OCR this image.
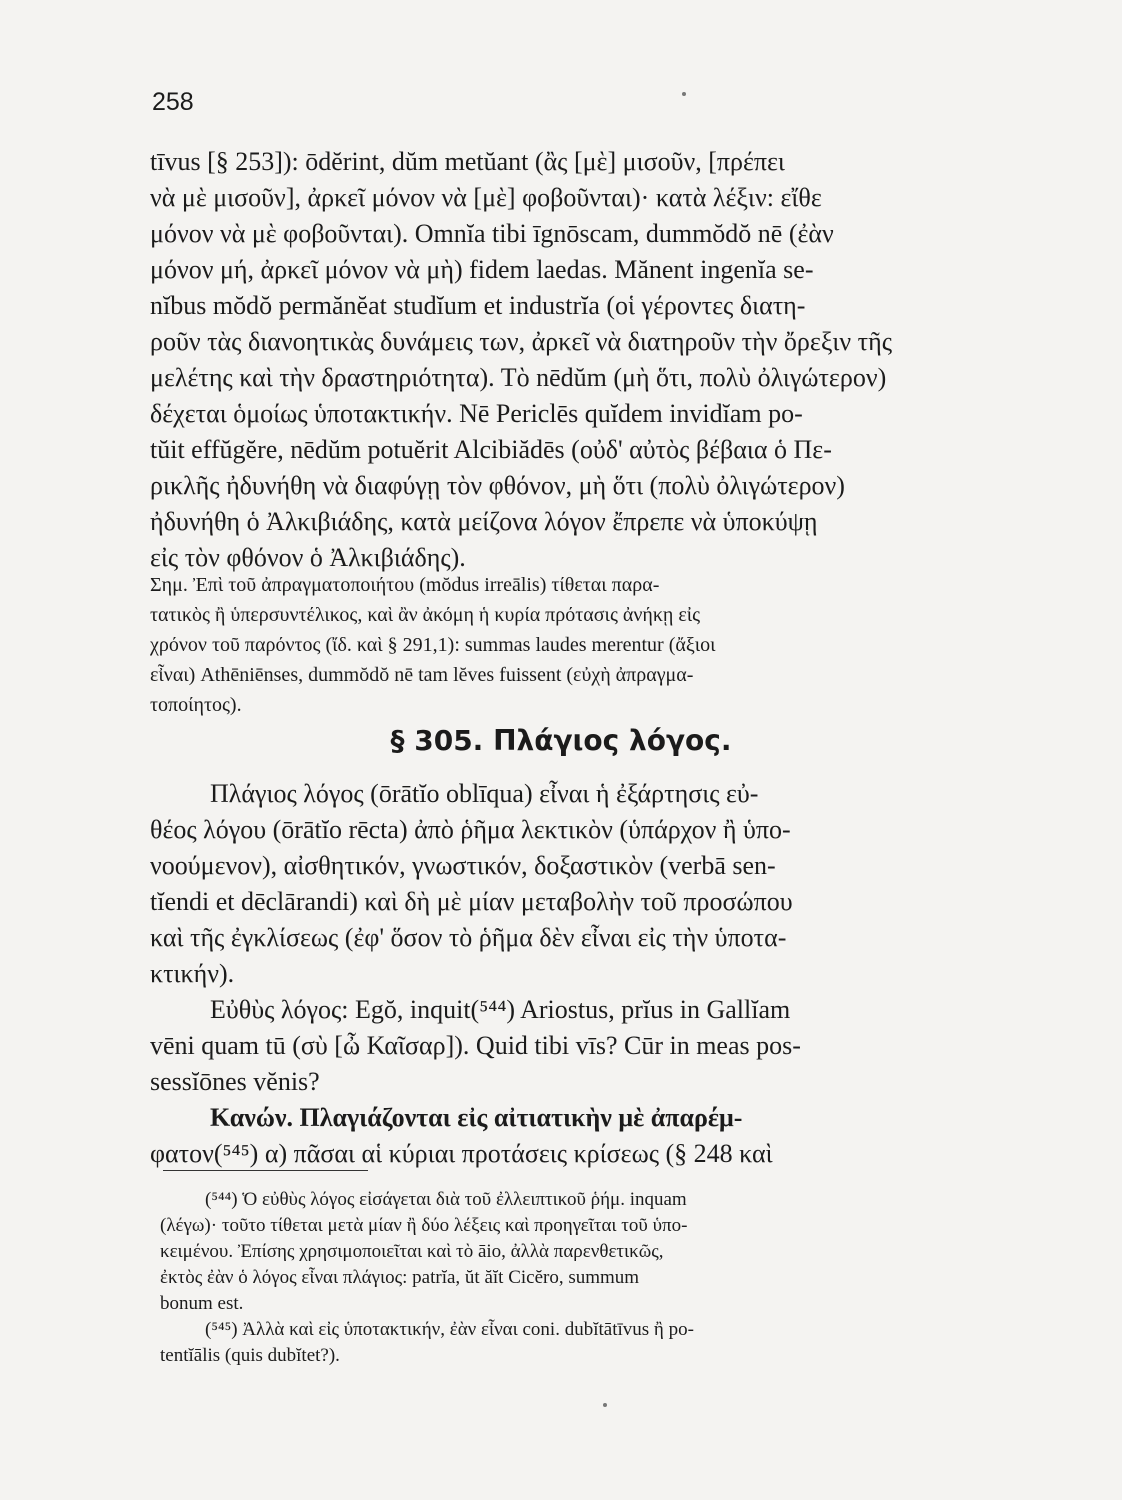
258
tīvus [§ 253]): ōdĕrint, dŭm metŭant (ἂς [μὲ] μισοῦν, [πρέπει
νὰ μὲ μισοῦν], ἀρκεῖ μόνον νὰ [μὲ] φοβοῦνται)· κατὰ λέξιν: εἴθε
μόνον νὰ μὲ φοβοῦνται). Omnĭa tibi īgnōscam, dummŏdŏ nē (ἐὰν
μόνον μή, ἀρκεῖ μόνον νὰ μὴ) fidem laedas. Mănent ingenĭa se-
nĭbus mŏdŏ permănĕat studĭum et industrĭa (οἱ γέροντες διατη-
ροῦν τὰς διανοητικὰς δυνάμεις των, ἀρκεῖ νὰ διατηροῦν τὴν ὄρεξιν τῆς
μελέτης καὶ τὴν δραστηριότητα). Τὸ nēdŭm (μὴ ὅτι, πολὺ ὀλιγώτερον)
δέχεται ὁμοίως ὑποτακτικήν. Nē Periclēs quĭdem invidĭam po-
tŭit effŭgĕre, nēdŭm potuĕrit Alcibiădēs (οὐδ' αὐτὸς βέβαια ὁ Πε-
ρικλῆς ἠδυνήθη νὰ διαφύγῃ τὸν φθόνον, μὴ ὅτι (πολὺ ὀλιγώτερον)
ἠδυνήθη ὁ Ἀλκιβιάδης, κατὰ μείζονα λόγον ἔπρεπε νὰ ὑποκύψῃ
εἰς τὸν φθόνον ὁ Ἀλκιβιάδης).
Σημ. Ἐπὶ τοῦ ἀπραγματοποιήτου (mŏdus irreālis) τίθεται παρα-
τατικὸς ἢ ὑπερσυντέλικος, καὶ ἂν ἀκόμη ἡ κυρία πρότασις ἀνήκῃ εἰς
χρόνον τοῦ παρόντος (ἴδ. καὶ § 291,1): summas laudes merentur (ἄξιοι
εἶναι) Athēniēnses, dummŏdŏ nē tam lĕves fuissent (εὐχὴ ἀπραγμα-
τοποίητος).
§ 305. Πλάγιος λόγος.
Πλάγιος λόγος (ōrātĭo oblīqua) εἶναι ἡ ἐξάρτησις εὐ-
θέος λόγου (ōrātĭo rēcta) ἀπὸ ῥῆμα λεκτικὸν (ὑπάρχον ἢ ὑπο-
νοούμενον), αἰσθητικόν, γνωστικόν, δοξαστικὸν (verbā sen-
tĭendi et dēclārandi) καὶ δὴ μὲ μίαν μεταβολὴν τοῦ προσώπου
καὶ τῆς ἐγκλίσεως (ἐφ' ὅσον τὸ ῥῆμα δὲν εἶναι εἰς τὴν ὑποτα-
κτικήν).
Εὐθὺς λόγος: Egŏ, inquit(⁵⁴⁴) Ariostus, prĭus in Gallĭam
vēni quam tū (σὺ [ὦ Καῖσαρ]). Quid tibi vīs? Cūr in meas pos-
sessĭōnes vĕnis?
Κανών. Πλαγιάζονται εἰς αἰτιατικὴν μὲ ἀπαρέμ-
φατον(⁵⁴⁵) α) πᾶσαι αἱ κύριαι προτάσεις κρίσεως (§ 248 καὶ
(⁵⁴⁴) Ὁ εὐθὺς λόγος εἰσάγεται διὰ τοῦ ἐλλειπτικοῦ ῥήμ. inquam
(λέγω)· τοῦτο τίθεται μετὰ μίαν ἢ δύο λέξεις καὶ προηγεῖται τοῦ ὑπο-
κειμένου. Ἐπίσης χρησιμοποιεῖται καὶ τὸ āio, ἀλλὰ παρενθετικῶς,
ἐκτὸς ἐὰν ὁ λόγος εἶναι πλάγιος: patrĭa, ŭt ăĭt Cicĕro, summum
bonum est.
(⁵⁴⁵) Ἀλλὰ καὶ εἰς ὑποτακτικήν, ἐὰν εἶναι coni. dubĭtātīvus ἢ po-
tentĭālis (quis dubĭtet?).
